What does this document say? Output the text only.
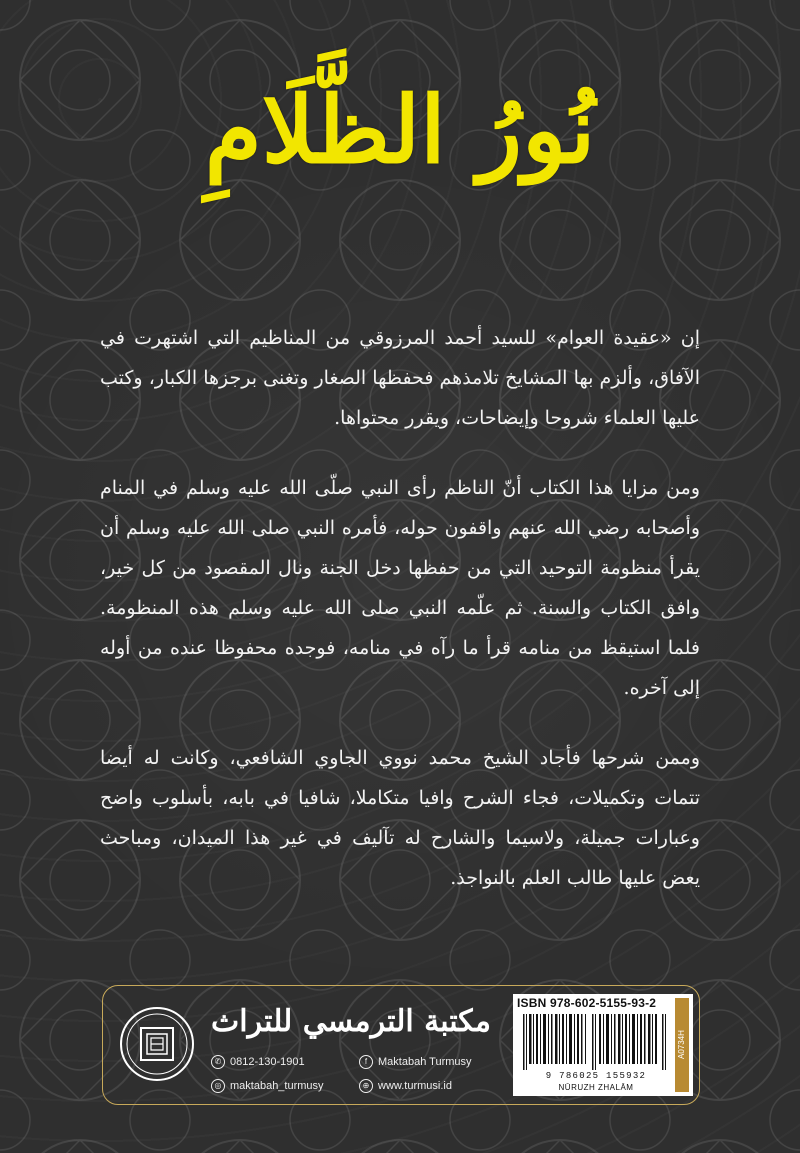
نُورُ الظَّلَامِ

إن «عقيدة العوام» للسيد أحمد المرزوقي من المناظيم التي اشتهرت في الآفاق، وألزم بها المشايخ تلامذهم فحفظها الصغار وتغنى برجزها الكبار، وكتب عليها العلماء شروحا وإيضاحات، ويقرر محتواها.

ومن مزايا هذا الكتاب أنّ الناظم رأى النبي صلّى الله عليه وسلم في المنام وأصحابه رضي الله عنهم واقفون حوله، فأمره النبي صلى الله عليه وسلم أن يقرأ منظومة التوحيد التي من حفظها دخل الجنة ونال المقصود من كل خير، وافق الكتاب والسنة. ثم علّمه النبي صلى الله عليه وسلم هذه المنظومة. فلما استيقظ من منامه قرأ ما رآه في منامه، فوجده محفوظا عنده من أوله إلى آخره.

وممن شرحها فأجاد الشيخ محمد نووي الجاوي الشافعي، وكانت له أيضا تتمات وتكميلات، فجاء الشرح وافيا متكاملا، شافيا في بابه، بأسلوب واضح وعبارات جميلة، ولاسيما والشارح له تآليف في غير هذا الميدان، ومباحث يعض عليها طالب العلم بالنواجذ.

مكتبة الترمسي للتراث
✆ 0812-130-1901	f Maktabah Turmusy
◎ maktabah_turmusy	⊕ www.turmusi.id
ISBN 978-602-5155-93-2
9 786025 155932
NŪRUZH ZHALĀM
A0734H
